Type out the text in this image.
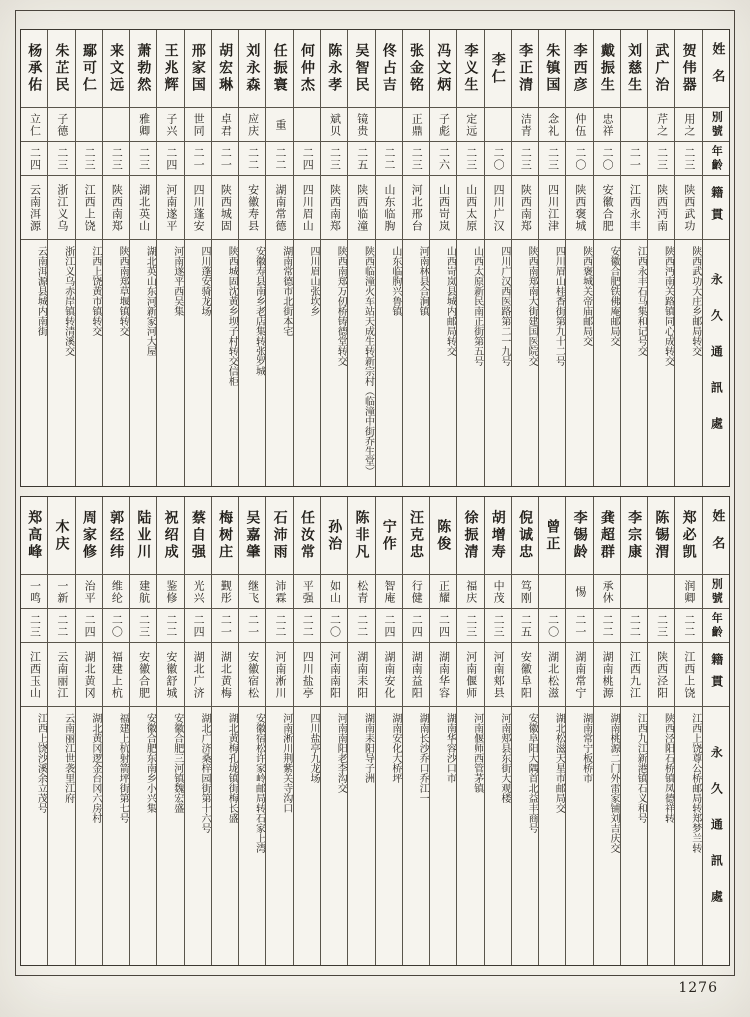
姓名
別號
年齡
籍貫
永久通訊處
贺伟器
用之
二三
陕西武功
陕西武功大庄乡邮局转交
武广治
芹之
二三
陕西沔南
陕西沔南关路镇同心成转交
刘慈生
二一
江西永丰
江西永丰石马集和记号交
戴振生
忠祥
二〇
安徽合肥
安徽合肥铁佛庵邮局交
李西彦
仲伍
二〇
陕西褒城
陕西褒城关帝庙邮局交
朱镇国
念礼
二三
四川江津
四川眉山桂香街第九十二号
李正清
洁青
二三
陕西南郑
陕西南郑南大街建国医院交
李仁
二〇
四川广汉
四川广汉西医路第二一九号
李义生
定远
二三
山西太原
山西太原新民南正街第五号
冯文炳
子彪
二六
山西岢岚
山西岢岚县城内邮局转交
张金铭
正鼎
二三
河北邢台
河南林县合涧镇
佟占吉
二二
山东临朐
山东临朐兴鲁镇
吴智民
镜贵
二五
陕西临潼
陕西临潼火车站天成生转新宗村（临潼中街乔生堂）
陈永孝
斌贝
二三
陕西南郑
陕西南郑万仞桥铸德堂转交
何仲杰
二四
四川眉山
四川眉山张坎乡
任振寰
重
二二
湖南常德
湖南常德市北街本宅
刘永森
应庆
二二
安徽寿县
安徽寿县南乡老店集转张罗城
胡宏琳
卓君
二一
陕西城固
陕西城固沈黄乡坝子村转交信柜
邢家国
世同
二一
四川蓬安
四川蓬安骑龙场
王兆辉
子兴
二四
河南遂平
河南遂平西吴集
萧勃然
雅卿
二三
湖北英山
湖北英山东河新家河大屋
来文远
二三
陕西南郑
陕西南郑草堰镇转交
鄢可仁
二三
江西上饶
江西上饶黄市镇转交
朱芷民
子德
二三
浙江义乌
浙江义乌赤岸镇转清溪交
杨承佑
立仁
二四
云南洱源
云南洱源县城内南街
姓名
別號
年齡
籍貫
永久通訊處
郑必凯
润卿
二二
江西上饶
江西上饶尊公桥邮局转郑梦兰转
陈锡渭
二三
陕西泾阳
陕西泾阳石桥镇凤德祥转
李宗康
二二
江西九江
江西九江新港镇石义和号
龚超群
承休
二二
湖南桃源
湖南桃源二门外雷家铺刘吉庆交
李锡龄
惕
二一
湖南常宁
湖南常宁板桥市
曾正
二〇
湖北松滋
湖北松滋天星市邮局交
倪诚忠
笃刚
二五
安徽阜阳
安徽阜阳大隅首北益丰商号
胡增寿
中茂
二三
河南郏县
河南郏县东街大观楼
徐振清
福庆
二三
河南偃师
河南偃师西管茅镇
陈俊
正耀
二四
湖南华容
湖南华容沙口市
汪克忠
行健
二四
湖南益阳
湖南长沙乔口乔江一
宁作
智庵
二四
湖南安化
湖南安化大桥坪
陈非凡
松青
二二
湖南耒阳
湖南耒阳导子洲
孙治
如山
二〇
河南南阳
河南南阳老李沟交
任汝常
平强
二二
四川盐亭
四川盐亭九龙场
石沛雨
沛霖
二二
河南淅川
河南淅川荆紫关寺沟口
吴嘉肇
继飞
二一
安徽宿松
安徽宿松许家岭邮局转石家上湾
梅树庄
觐彤
二一
湖北黄梅
湖北黄梅孔垅镇街梅长盛
蔡自强
光兴
二四
湖北广济
湖北广济桑梓园街第十六号
祝绍成
鉴修
二二
安徽舒城
安徽合肥三河镇魏宏盛
陆业川
建航
二三
安徽合肥
安徽合肥东南乡小兴集
郭经纬
维纶
二〇
福建上杭
福建上杭射箭坪街第七号
周家修
治平
二四
湖北黄冈
湖北黄冈逻金台冈六房村
木庆
一新
二二
云南丽江
云南丽江世袭里江府
郑高峰
一鸣
二三
江西玉山
江西上饶沙溪余立茂号
1276
